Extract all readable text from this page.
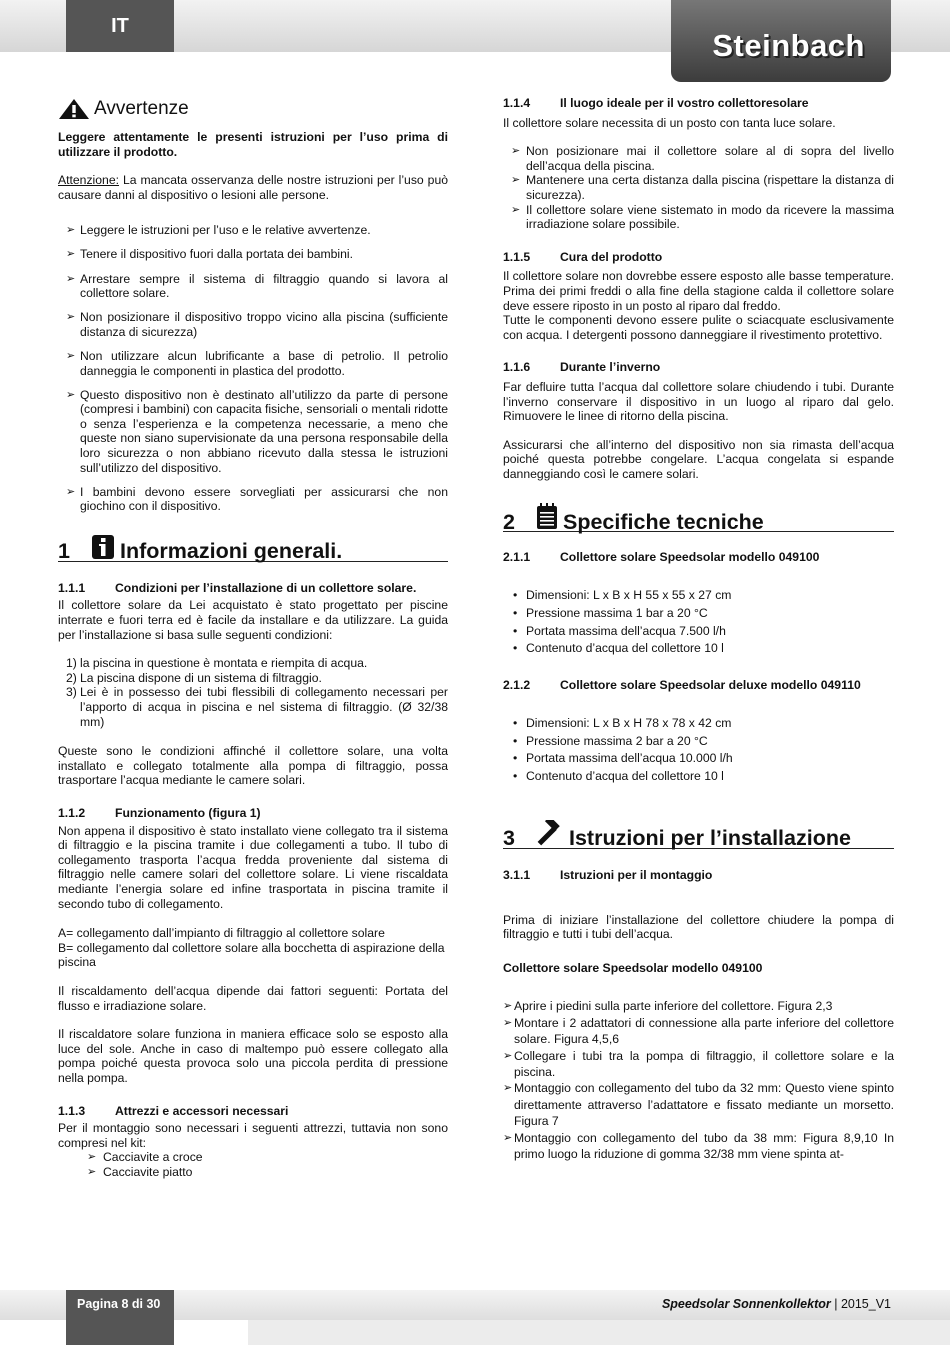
IT
Steinbach
Avvertenze

Leggere attentamente le presenti istruzioni per l’uso prima di utilizzare il prodotto.

Attenzione: La mancata osservanza delle nostre istruzioni per l’uso può causare danni al dispositivo o lesioni alle persone.

➢ Leggere le istruzioni per l’uso e le relative avvertenze.
➢ Tenere il dispositivo fuori dalla portata dei bambini.
➢ Arrestare sempre il sistema di filtraggio quando si lavora al collettore solare.
➢ Non posizionare il dispositivo troppo vicino alla piscina (sufficiente distanza di sicurezza)
➢ Non utilizzare alcun lubrificante a base di petrolio. Il petrolio danneggia le componenti in plastica del prodotto.
➢ Questo dispositivo non è destinato all’utilizzo da parte di persone (compresi i bambini) con capacita fisiche, sensoriali o mentali ridotte o senza l’esperienza e la competenza necessarie, a meno che queste non siano supervisionate da una persona responsabile della loro sicurezza o non abbiano ricevuto dalla stessa le istruzioni sull’utilizzo del dispositivo.
➢ I bambini devono essere sorvegliati per assicurarsi che non giochino con il dispositivo.
1	Informazioni generali.
1.1.1	Condizioni per l’installazione di un collettore solare.

Il collettore solare da Lei acquistato è stato progettato per piscine interrate e fuori terra ed è facile da installare e da utilizzare. La guida per l’installazione si basa sulle seguenti condizioni:

1) la piscina in questione è montata e riempita di acqua.
2) La piscina dispone di un sistema di filtraggio.
3) Lei è in possesso dei tubi flessibili di collegamento necessari per l’apporto di acqua in piscina e nel sistema di filtraggio. (Ø 32/38 mm)

Queste sono le condizioni affinché il collettore solare, una volta installato e collegato totalmente alla pompa di filtraggio, possa trasportare l’acqua mediante le camere solari.

1.1.2	Funzionamento (figura 1)

Non appena il dispositivo è stato installato viene collegato tra il sistema di filtraggio e la piscina tramite i due collegamenti a tubo. Il tubo di collegamento trasporta l’acqua fredda proveniente dal sistema di filtraggio nelle camere solari del collettore solare. Li viene riscaldata mediante l’energia solare ed infine trasportata in piscina tramite il secondo tubo di collegamento.

A= collegamento dall’impianto di filtraggio al collettore solare

B= collegamento dal collettore solare alla bocchetta di aspirazione della piscina

Il riscaldamento dell’acqua dipende dai fattori seguenti: Portata del flusso e irradiazione solare.

Il riscaldatore solare funziona in maniera efficace solo se esposto alla luce del sole. Anche in caso di maltempo può essere collegato alla pompa poiché questa provoca solo una piccola perdita di pressione nella pompa.

1.1.3	Attrezzi e accessori necessari

Per il montaggio sono necessari i seguenti attrezzi, tuttavia non sono compresi nel kit:

➢ Cacciavite a croce
➢ Cacciavite piatto
1.1.4	Il luogo ideale per il vostro collettoresolare

Il collettore solare necessita di un posto con tanta luce solare.

➢ Non posizionare mai il collettore solare al di sopra del livello dell’acqua della piscina.
➢ Mantenere una certa distanza dalla piscina (rispettare la distanza di sicurezza).
➢ Il collettore solare viene sistemato in modo da ricevere la massima irradiazione solare possibile.
1.1.5	Cura del prodotto

Il collettore solare non dovrebbe essere esposto alle basse temperature. Prima dei primi freddi o alla fine della stagione calda il collettore solare deve essere riposto in un posto al riparo dal freddo.

Tutte le componenti devono essere pulite o sciacquate esclusivamente con acqua. I detergenti possono danneggiare il rivestimento protettivo.

1.1.6	Durante l’inverno

Far defluire tutta l’acqua dal collettore solare chiudendo i tubi. Durante l’inverno conservare il dispositivo in un luogo al riparo dal gelo. Rimuovere le linee di ritorno della piscina.

Assicurarsi che all’interno del dispositivo non sia rimasta dell’acqua poiché questa potrebbe congelare. L’acqua congelata si espande danneggiando così le camere solari.

2	Specifiche tecniche
2.1.1	Collettore solare Speedsolar modello 049100
• Dimensioni: L x B x H 55 x 55 x 27 cm
• Pressione massima 1 bar a 20 °C
• Portata massima dell’acqua 7.500 l/h
• Contenuto d’acqua del collettore 10 l
2.1.2	Collettore solare Speedsolar deluxe modello 049110
• Dimensioni: L x B x H 78 x 78 x 42 cm
• Pressione massima 2 bar a 20 °C
• Portata massima dell’acqua 10.000 l/h
• Contenuto d’acqua del collettore 10 l
3	Istruzioni per l’installazione
3.1.1	Istruzioni per il montaggio

Prima di iniziare l’installazione del collettore chiudere la pompa di filtraggio e tutti i tubi dell’acqua.

Collettore solare Speedsolar modello 049100

➢ Aprire i piedini sulla parte inferiore del collettore. Figura 2,3
➢ Montare i 2 adattatori di connessione alla parte inferiore del collettore solare. Figura 4,5,6
➢ Collegare i tubi tra la pompa di filtraggio, il collettore solare e la piscina.
➢ Montaggio con collegamento del tubo da 32 mm: Questo viene spinto direttamente attraverso l’adattatore e fissato mediante un morsetto. Figura 7
➢ Montaggio con collegamento del tubo da 38 mm: Figura 8,9,10 In primo luogo la riduzione di gomma 32/38 mm viene spinta at-
Pagina 8 di 30	Speedsolar Sonnenkollektor | 2015_V1
